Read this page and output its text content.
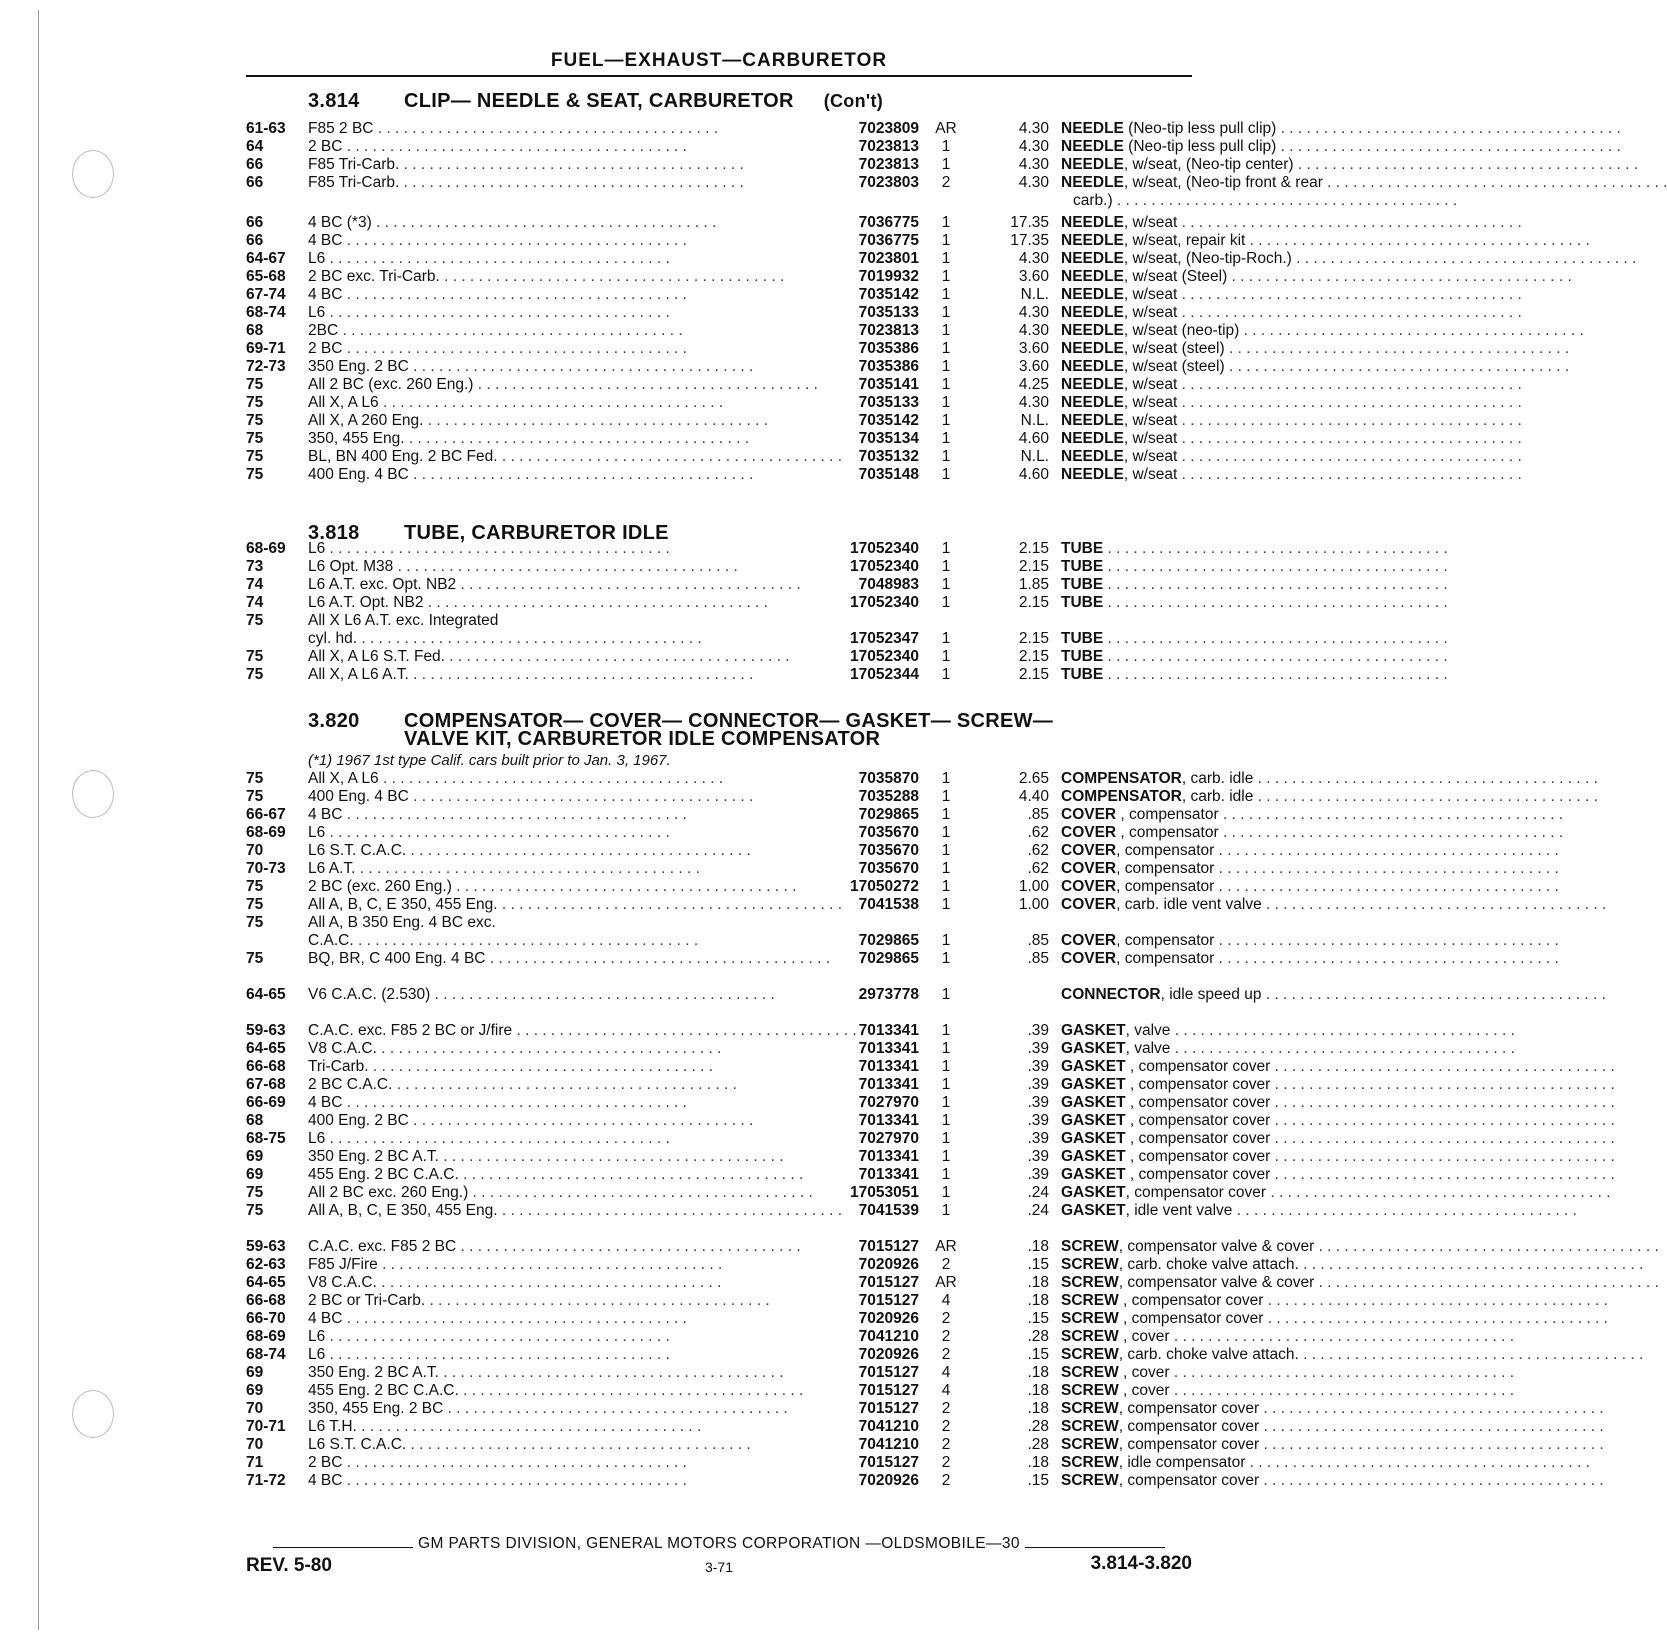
FUEL—EXHAUST—CARBURETOR
3.814 CLIP— NEEDLE & SEAT, CARBURETOR (Con't)
3.818 TUBE, CARBURETOR IDLE
3.820 COMPENSATOR— COVER— CONNECTOR— GASKET— SCREW—
VALVE KIT, CARBURETOR IDLE COMPENSATOR
(*1) 1967 1st type Calif. cars built prior to Jan. 3, 1967.
61-63	F85 2 BC . . . . . . . . . . . . . . . . . . . . . . . . . . . . . . . . . . . . . . . .	7023809	AR	4.30 NEEDLE (Neo-tip less pull clip) . . . . . . . . . . . . . . . . . . . . . . . . . . . . . . . . . . . . . . . .
64	2 BC . . . . . . . . . . . . . . . . . . . . . . . . . . . . . . . . . . . . . . . .	7023813	1	4.30 NEEDLE (Neo-tip less pull clip) . . . . . . . . . . . . . . . . . . . . . . . . . . . . . . . . . . . . . . . .
66	F85 Tri-Carb. . . . . . . . . . . . . . . . . . . . . . . . . . . . . . . . . . . . . . . . .	7023813	1	4.30 NEEDLE, w/seat, (Neo-tip center) . . . . . . . . . . . . . . . . . . . . . . . . . . . . . . . . . . . . . . . .
66	F85 Tri-Carb. . . . . . . . . . . . . . . . . . . . . . . . . . . . . . . . . . . . . . . . .	7023803	2	4.30 NEEDLE, w/seat, (Neo-tip front & rear . . . . . . . . . . . . . . . . . . . . . . . . . . . . . . . . . . . . . . . .
carb.) . . . . . . . . . . . . . . . . . . . . . . . . . . . . . . . . . . . . . . . .
66	4 BC (*3) . . . . . . . . . . . . . . . . . . . . . . . . . . . . . . . . . . . . . . . .	7036775	1	17.35 NEEDLE, w/seat . . . . . . . . . . . . . . . . . . . . . . . . . . . . . . . . . . . . . . . .
66	4 BC . . . . . . . . . . . . . . . . . . . . . . . . . . . . . . . . . . . . . . . .	7036775	1	17.35 NEEDLE, w/seat, repair kit . . . . . . . . . . . . . . . . . . . . . . . . . . . . . . . . . . . . . . . .
64-67	L6 . . . . . . . . . . . . . . . . . . . . . . . . . . . . . . . . . . . . . . . .	7023801	1	4.30 NEEDLE, w/seat, (Neo-tip-Roch.) . . . . . . . . . . . . . . . . . . . . . . . . . . . . . . . . . . . . . . . .
65-68	2 BC exc. Tri-Carb. . . . . . . . . . . . . . . . . . . . . . . . . . . . . . . . . . . . . . . . .	7019932	1	3.60 NEEDLE, w/seat (Steel) . . . . . . . . . . . . . . . . . . . . . . . . . . . . . . . . . . . . . . . .
67-74	4 BC . . . . . . . . . . . . . . . . . . . . . . . . . . . . . . . . . . . . . . . .	7035142	1	N.L. NEEDLE, w/seat . . . . . . . . . . . . . . . . . . . . . . . . . . . . . . . . . . . . . . . .
68-74	L6 . . . . . . . . . . . . . . . . . . . . . . . . . . . . . . . . . . . . . . . .	7035133	1	4.30 NEEDLE, w/seat . . . . . . . . . . . . . . . . . . . . . . . . . . . . . . . . . . . . . . . .
68	2BC . . . . . . . . . . . . . . . . . . . . . . . . . . . . . . . . . . . . . . . .	7023813	1	4.30 NEEDLE, w/seat (neo-tip) . . . . . . . . . . . . . . . . . . . . . . . . . . . . . . . . . . . . . . . .
69-71	2 BC . . . . . . . . . . . . . . . . . . . . . . . . . . . . . . . . . . . . . . . .	7035386	1	3.60 NEEDLE, w/seat (steel) . . . . . . . . . . . . . . . . . . . . . . . . . . . . . . . . . . . . . . . .
72-73	350 Eng. 2 BC . . . . . . . . . . . . . . . . . . . . . . . . . . . . . . . . . . . . . . . .	7035386	1	3.60 NEEDLE, w/seat (steel) . . . . . . . . . . . . . . . . . . . . . . . . . . . . . . . . . . . . . . . .
75	All 2 BC (exc. 260 Eng.) . . . . . . . . . . . . . . . . . . . . . . . . . . . . . . . . . . . . . . . .	7035141	1	4.25 NEEDLE, w/seat . . . . . . . . . . . . . . . . . . . . . . . . . . . . . . . . . . . . . . . .
75	All X, A L6 . . . . . . . . . . . . . . . . . . . . . . . . . . . . . . . . . . . . . . . .	7035133	1	4.30 NEEDLE, w/seat . . . . . . . . . . . . . . . . . . . . . . . . . . . . . . . . . . . . . . . .
75	All X, A 260 Eng. . . . . . . . . . . . . . . . . . . . . . . . . . . . . . . . . . . . . . . . .	7035142	1	N.L. NEEDLE, w/seat . . . . . . . . . . . . . . . . . . . . . . . . . . . . . . . . . . . . . . . .
75	350, 455 Eng. . . . . . . . . . . . . . . . . . . . . . . . . . . . . . . . . . . . . . . . .	7035134	1	4.60 NEEDLE, w/seat . . . . . . . . . . . . . . . . . . . . . . . . . . . . . . . . . . . . . . . .
75	BL, BN 400 Eng. 2 BC Fed. . . . . . . . . . . . . . . . . . . . . . . . . . . . . . . . . . . . . . . . .	7035132	1	N.L. NEEDLE, w/seat . . . . . . . . . . . . . . . . . . . . . . . . . . . . . . . . . . . . . . . .
75	400 Eng. 4 BC . . . . . . . . . . . . . . . . . . . . . . . . . . . . . . . . . . . . . . . .	7035148	1	4.60 NEEDLE, w/seat . . . . . . . . . . . . . . . . . . . . . . . . . . . . . . . . . . . . . . . .
68-69	L6 . . . . . . . . . . . . . . . . . . . . . . . . . . . . . . . . . . . . . . . .	17052340	1	2.15 TUBE . . . . . . . . . . . . . . . . . . . . . . . . . . . . . . . . . . . . . . . .
73	L6 Opt. M38 . . . . . . . . . . . . . . . . . . . . . . . . . . . . . . . . . . . . . . . .	17052340	1	2.15 TUBE . . . . . . . . . . . . . . . . . . . . . . . . . . . . . . . . . . . . . . . .
74	L6 A.T. exc. Opt. NB2 . . . . . . . . . . . . . . . . . . . . . . . . . . . . . . . . . . . . . . . .	7048983	1	1.85 TUBE . . . . . . . . . . . . . . . . . . . . . . . . . . . . . . . . . . . . . . . .
74	L6 A.T. Opt. NB2 . . . . . . . . . . . . . . . . . . . . . . . . . . . . . . . . . . . . . . . .	17052340	1	2.15 TUBE . . . . . . . . . . . . . . . . . . . . . . . . . . . . . . . . . . . . . . . .
75	All X L6 A.T. exc. Integrated
cyl. hd. . . . . . . . . . . . . . . . . . . . . . . . . . . . . . . . . . . . . . . . .	17052347	1	2.15 TUBE . . . . . . . . . . . . . . . . . . . . . . . . . . . . . . . . . . . . . . . .
75	All X, A L6 S.T. Fed. . . . . . . . . . . . . . . . . . . . . . . . . . . . . . . . . . . . . . . . .	17052340	1	2.15 TUBE . . . . . . . . . . . . . . . . . . . . . . . . . . . . . . . . . . . . . . . .
75	All X, A L6 A.T. . . . . . . . . . . . . . . . . . . . . . . . . . . . . . . . . . . . . . . . .	17052344	1	2.15 TUBE . . . . . . . . . . . . . . . . . . . . . . . . . . . . . . . . . . . . . . . .
75	All X, A L6 . . . . . . . . . . . . . . . . . . . . . . . . . . . . . . . . . . . . . . . .	7035870	1	2.65 COMPENSATOR, carb. idle . . . . . . . . . . . . . . . . . . . . . . . . . . . . . . . . . . . . . . . .
75	400 Eng. 4 BC . . . . . . . . . . . . . . . . . . . . . . . . . . . . . . . . . . . . . . . .	7035288	1	4.40 COMPENSATOR, carb. idle . . . . . . . . . . . . . . . . . . . . . . . . . . . . . . . . . . . . . . . .
66-67	4 BC . . . . . . . . . . . . . . . . . . . . . . . . . . . . . . . . . . . . . . . .	7029865	1	.85 COVER , compensator . . . . . . . . . . . . . . . . . . . . . . . . . . . . . . . . . . . . . . . .
68-69	L6 . . . . . . . . . . . . . . . . . . . . . . . . . . . . . . . . . . . . . . . .	7035670	1	.62 COVER , compensator . . . . . . . . . . . . . . . . . . . . . . . . . . . . . . . . . . . . . . . .
70	L6 S.T. C.A.C. . . . . . . . . . . . . . . . . . . . . . . . . . . . . . . . . . . . . . . . .	7035670	1	.62 COVER, compensator . . . . . . . . . . . . . . . . . . . . . . . . . . . . . . . . . . . . . . . .
70-73	L6 A.T. . . . . . . . . . . . . . . . . . . . . . . . . . . . . . . . . . . . . . . . .	7035670	1	.62 COVER, compensator . . . . . . . . . . . . . . . . . . . . . . . . . . . . . . . . . . . . . . . .
75	2 BC (exc. 260 Eng.) . . . . . . . . . . . . . . . . . . . . . . . . . . . . . . . . . . . . . . . .	17050272	1	1.00 COVER, compensator . . . . . . . . . . . . . . . . . . . . . . . . . . . . . . . . . . . . . . . .
75	All A, B, C, E 350, 455 Eng. . . . . . . . . . . . . . . . . . . . . . . . . . . . . . . . . . . . . . . . .	7041538	1	1.00 COVER, carb. idle vent valve . . . . . . . . . . . . . . . . . . . . . . . . . . . . . . . . . . . . . . . .
75	All A, B 350 Eng. 4 BC exc.
C.A.C. . . . . . . . . . . . . . . . . . . . . . . . . . . . . . . . . . . . . . . . .	7029865	1	.85 COVER, compensator . . . . . . . . . . . . . . . . . . . . . . . . . . . . . . . . . . . . . . . .
75	BQ, BR, C 400 Eng. 4 BC . . . . . . . . . . . . . . . . . . . . . . . . . . . . . . . . . . . . . . . .	7029865	1	.85 COVER, compensator . . . . . . . . . . . . . . . . . . . . . . . . . . . . . . . . . . . . . . . .
64-65	V6 C.A.C. (2.530) . . . . . . . . . . . . . . . . . . . . . . . . . . . . . . . . . . . . . . . .	2973778	1	CONNECTOR, idle speed up . . . . . . . . . . . . . . . . . . . . . . . . . . . . . . . . . . . . . . . .
59-63	C.A.C. exc. F85 2 BC or J/fire . . . . . . . . . . . . . . . . . . . . . . . . . . . . . . . . . . . . . . . . 7013341	1	.39 GASKET, valve . . . . . . . . . . . . . . . . . . . . . . . . . . . . . . . . . . . . . . . .
64-65	V8 C.A.C. . . . . . . . . . . . . . . . . . . . . . . . . . . . . . . . . . . . . . . . .	7013341	1	.39 GASKET, valve . . . . . . . . . . . . . . . . . . . . . . . . . . . . . . . . . . . . . . . .
66-68	Tri-Carb. . . . . . . . . . . . . . . . . . . . . . . . . . . . . . . . . . . . . . . . .	7013341	1	.39 GASKET , compensator cover . . . . . . . . . . . . . . . . . . . . . . . . . . . . . . . . . . . . . . . .
67-68	2 BC C.A.C. . . . . . . . . . . . . . . . . . . . . . . . . . . . . . . . . . . . . . . . .	7013341	1	.39 GASKET , compensator cover . . . . . . . . . . . . . . . . . . . . . . . . . . . . . . . . . . . . . . . .
66-69	4 BC . . . . . . . . . . . . . . . . . . . . . . . . . . . . . . . . . . . . . . . .	7027970	1	.39 GASKET , compensator cover . . . . . . . . . . . . . . . . . . . . . . . . . . . . . . . . . . . . . . . .
68	400 Eng. 2 BC . . . . . . . . . . . . . . . . . . . . . . . . . . . . . . . . . . . . . . . .	7013341	1	.39 GASKET , compensator cover . . . . . . . . . . . . . . . . . . . . . . . . . . . . . . . . . . . . . . . .
68-75	L6 . . . . . . . . . . . . . . . . . . . . . . . . . . . . . . . . . . . . . . . .	7027970	1	.39 GASKET , compensator cover . . . . . . . . . . . . . . . . . . . . . . . . . . . . . . . . . . . . . . . .
69	350 Eng. 2 BC A.T. . . . . . . . . . . . . . . . . . . . . . . . . . . . . . . . . . . . . . . . .	7013341	1	.39 GASKET , compensator cover . . . . . . . . . . . . . . . . . . . . . . . . . . . . . . . . . . . . . . . .
69	455 Eng. 2 BC C.A.C. . . . . . . . . . . . . . . . . . . . . . . . . . . . . . . . . . . . . . . . .	7013341	1	.39 GASKET , compensator cover . . . . . . . . . . . . . . . . . . . . . . . . . . . . . . . . . . . . . . . .
75	All 2 BC exc. 260 Eng.) . . . . . . . . . . . . . . . . . . . . . . . . . . . . . . . . . . . . . . . .	17053051	1	.24 GASKET, compensator cover . . . . . . . . . . . . . . . . . . . . . . . . . . . . . . . . . . . . . . . .
75	All A, B, C, E 350, 455 Eng. . . . . . . . . . . . . . . . . . . . . . . . . . . . . . . . . . . . . . . . .	7041539	1	.24 GASKET, idle vent valve . . . . . . . . . . . . . . . . . . . . . . . . . . . . . . . . . . . . . . . .
59-63	C.A.C. exc. F85 2 BC . . . . . . . . . . . . . . . . . . . . . . . . . . . . . . . . . . . . . . . .	7015127	AR	.18 SCREW, compensator valve & cover . . . . . . . . . . . . . . . . . . . . . . . . . . . . . . . . . . . . . . . .
62-63	F85 J/Fire . . . . . . . . . . . . . . . . . . . . . . . . . . . . . . . . . . . . . . . .	7020926	2	.15 SCREW, carb. choke valve attach. . . . . . . . . . . . . . . . . . . . . . . . . . . . . . . . . . . . . . . . .
64-65	V8 C.A.C. . . . . . . . . . . . . . . . . . . . . . . . . . . . . . . . . . . . . . . . .	7015127	AR	.18 SCREW, compensator valve & cover . . . . . . . . . . . . . . . . . . . . . . . . . . . . . . . . . . . . . . . .
66-68	2 BC or Tri-Carb. . . . . . . . . . . . . . . . . . . . . . . . . . . . . . . . . . . . . . . . .	7015127	4	.18 SCREW , compensator cover . . . . . . . . . . . . . . . . . . . . . . . . . . . . . . . . . . . . . . . .
66-70	4 BC . . . . . . . . . . . . . . . . . . . . . . . . . . . . . . . . . . . . . . . .	7020926	2	.15 SCREW , compensator cover . . . . . . . . . . . . . . . . . . . . . . . . . . . . . . . . . . . . . . . .
68-69	L6 . . . . . . . . . . . . . . . . . . . . . . . . . . . . . . . . . . . . . . . .	7041210	2	.28 SCREW , cover . . . . . . . . . . . . . . . . . . . . . . . . . . . . . . . . . . . . . . . .
68-74	L6 . . . . . . . . . . . . . . . . . . . . . . . . . . . . . . . . . . . . . . . .	7020926	2	.15 SCREW, carb. choke valve attach. . . . . . . . . . . . . . . . . . . . . . . . . . . . . . . . . . . . . . . . .
69	350 Eng. 2 BC A.T. . . . . . . . . . . . . . . . . . . . . . . . . . . . . . . . . . . . . . . . .	7015127	4	.18 SCREW , cover . . . . . . . . . . . . . . . . . . . . . . . . . . . . . . . . . . . . . . . .
69	455 Eng. 2 BC C.A.C. . . . . . . . . . . . . . . . . . . . . . . . . . . . . . . . . . . . . . . . .	7015127	4	.18 SCREW , cover . . . . . . . . . . . . . . . . . . . . . . . . . . . . . . . . . . . . . . . .
70	350, 455 Eng. 2 BC . . . . . . . . . . . . . . . . . . . . . . . . . . . . . . . . . . . . . . . .	7015127	2	.18 SCREW, compensator cover . . . . . . . . . . . . . . . . . . . . . . . . . . . . . . . . . . . . . . . .
70-71	L6 T.H. . . . . . . . . . . . . . . . . . . . . . . . . . . . . . . . . . . . . . . . .	7041210	2	.28 SCREW, compensator cover . . . . . . . . . . . . . . . . . . . . . . . . . . . . . . . . . . . . . . . .
70	L6 S.T. C.A.C. . . . . . . . . . . . . . . . . . . . . . . . . . . . . . . . . . . . . . . . .	7041210	2	.28 SCREW, compensator cover . . . . . . . . . . . . . . . . . . . . . . . . . . . . . . . . . . . . . . . .
71	2 BC . . . . . . . . . . . . . . . . . . . . . . . . . . . . . . . . . . . . . . . .	7015127	2	.18 SCREW, idle compensator . . . . . . . . . . . . . . . . . . . . . . . . . . . . . . . . . . . . . . . .
71-72	4 BC . . . . . . . . . . . . . . . . . . . . . . . . . . . . . . . . . . . . . . . .	7020926	2	.15 SCREW, compensator cover . . . . . . . . . . . . . . . . . . . . . . . . . . . . . . . . . . . . . . . .
GM PARTS DIVISION, GENERAL MOTORS CORPORATION —OLDSMOBILE—30
REV. 5-80	3-71	3.814-3.820
